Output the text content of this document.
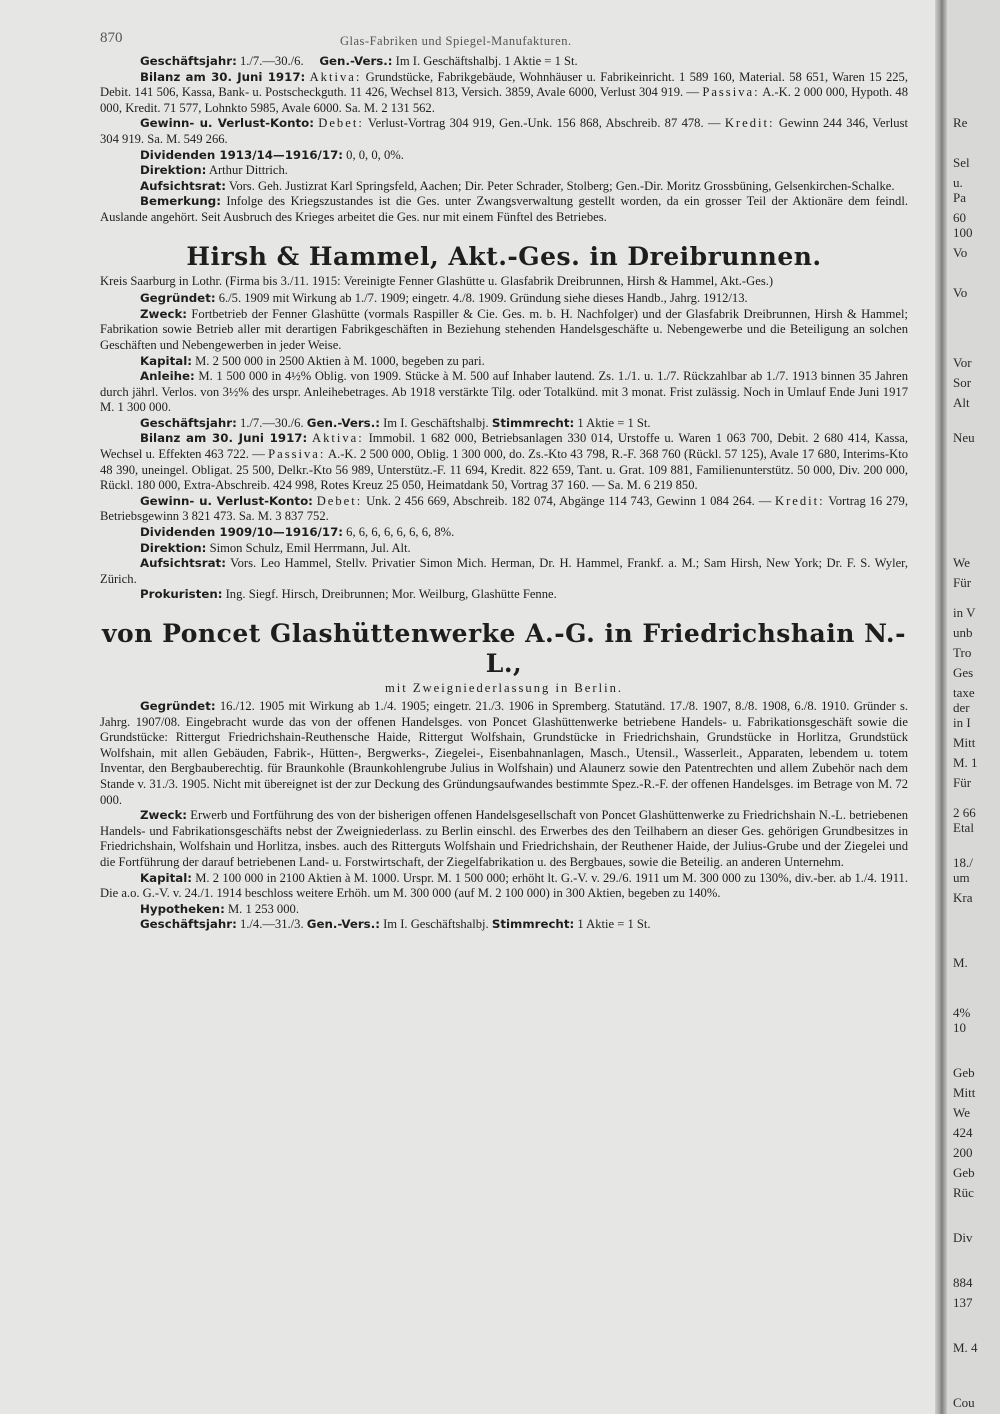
870	Glas-Fabriken und Spiegel-Manufakturen.

Geschäftsjahr: 1./7.—30./6. Gen.-Vers.: Im I. Geschäftshalbj. 1 Aktie = 1 St.

Bilanz am 30. Juni 1917: Aktiva: Grundstücke, Fabrikgebäude, Wohnhäuser u. Fabrikeinricht. 1 589 160, Material. 58 651, Waren 15 225, Debit. 141 506, Kassa, Bank- u. Postscheckguth. 11 426, Wechsel 813, Versich. 3859, Avale 6000, Verlust 304 919. — Passiva: A.-K. 2 000 000, Hypoth. 48 000, Kredit. 71 577, Lohnkto 5985, Avale 6000. Sa. M. 2 131 562.

Gewinn- u. Verlust-Konto: Debet: Verlust-Vortrag 304 919, Gen.-Unk. 156 868, Abschreib. 87 478. — Kredit: Gewinn 244 346, Verlust 304 919. Sa. M. 549 266.

Dividenden 1913/14—1916/17: 0, 0, 0, 0%.

Direktion: Arthur Dittrich.

Aufsichtsrat: Vors. Geh. Justizrat Karl Springsfeld, Aachen; Dir. Peter Schrader, Stolberg; Gen.-Dir. Moritz Grossbüning, Gelsenkirchen-Schalke.

Bemerkung: Infolge des Kriegszustandes ist die Ges. unter Zwangsverwaltung gestellt worden, da ein grosser Teil der Aktionäre dem feindl. Auslande angehört. Seit Ausbruch des Krieges arbeitet die Ges. nur mit einem Fünftel des Betriebes.

Hirsh & Hammel, Akt.-Ges. in Dreibrunnen.

Kreis Saarburg in Lothr. (Firma bis 3./11. 1915: Vereinigte Fenner Glashütte u. Glasfabrik Dreibrunnen, Hirsh & Hammel, Akt.-Ges.)

Gegründet: 6./5. 1909 mit Wirkung ab 1./7. 1909; eingetr. 4./8. 1909. Gründung siehe dieses Handb., Jahrg. 1912/13.

Zweck: Fortbetrieb der Fenner Glashütte (vormals Raspiller & Cie. Ges. m. b. H. Nachfolger) und der Glasfabrik Dreibrunnen, Hirsh & Hammel; Fabrikation sowie Betrieb aller mit derartigen Fabrikgeschäften in Beziehung stehenden Handelsgeschäfte u. Nebengewerbe und die Beteiligung an solchen Geschäften und Nebengewerben in jeder Weise.

Kapital: M. 2 500 000 in 2500 Aktien à M. 1000, begeben zu pari.

Anleihe: M. 1 500 000 in 4½% Oblig. von 1909. Stücke à M. 500 auf Inhaber lautend. Zs. 1./1. u. 1./7. Rückzahlbar ab 1./7. 1913 binnen 35 Jahren durch jährl. Verlos. von 3½% des urspr. Anleihebetrages. Ab 1918 verstärkte Tilg. oder Totalkünd. mit 3 monat. Frist zulässig. Noch in Umlauf Ende Juni 1917 M. 1 300 000.

Geschäftsjahr: 1./7.—30./6. Gen.-Vers.: Im I. Geschäftshalbj. Stimmrecht: 1 Aktie = 1 St.

Bilanz am 30. Juni 1917: Aktiva: Immobil. 1 682 000, Betriebsanlagen 330 014, Urstoffe u. Waren 1 063 700, Debit. 2 680 414, Kassa, Wechsel u. Effekten 463 722. — Passiva: A.-K. 2 500 000, Oblig. 1 300 000, do. Zs.-Kto 43 798, R.-F. 368 760 (Rückl. 57 125), Avale 17 680, Interims-Kto 48 390, uneingel. Obligat. 25 500, Delkr.-Kto 56 989, Unterstütz.-F. 11 694, Kredit. 822 659, Tant. u. Grat. 109 881, Familienunterstütz. 50 000, Div. 200 000, Rückl. 180 000, Extra-Abschreib. 424 998, Rotes Kreuz 25 050, Heimatdank 50, Vortrag 37 160. — Sa. M. 6 219 850.

Gewinn- u. Verlust-Konto: Debet: Unk. 2 456 669, Abschreib. 182 074, Abgänge 114 743, Gewinn 1 084 264. — Kredit: Vortrag 16 279, Betriebsgewinn 3 821 473. Sa. M. 3 837 752.

Dividenden 1909/10—1916/17: 6, 6, 6, 6, 6, 6, 6, 8%.

Direktion: Simon Schulz, Emil Herrmann, Jul. Alt.

Aufsichtsrat: Vors. Leo Hammel, Stellv. Privatier Simon Mich. Herman, Dr. H. Hammel, Frankf. a. M.; Sam Hirsh, New York; Dr. F. S. Wyler, Zürich.

Prokuristen: Ing. Siegf. Hirsch, Dreibrunnen; Mor. Weilburg, Glashütte Fenne.

von Poncet Glashüttenwerke A.-G. in Friedrichshain N.-L.,

mit Zweigniederlassung in Berlin.

Gegründet: 16./12. 1905 mit Wirkung ab 1./4. 1905; eingetr. 21./3. 1906 in Spremberg. Statutänd. 17./8. 1907, 8./8. 1908, 6./8. 1910. Gründer s. Jahrg. 1907/08. Eingebracht wurde das von der offenen Handelsges. von Poncet Glashüttenwerke betriebene Handels- u. Fabrikationsgeschäft sowie die Grundstücke: Rittergut Friedrichshain-Reuthensche Haide, Rittergut Wolfshain, Grundstücke in Friedrichshain, Grundstücke in Horlitza, Grundstück Wolfshain, mit allen Gebäuden, Fabrik-, Hütten-, Bergwerks-, Ziegelei-, Eisenbahnanlagen, Masch., Utensil., Wasserleit., Apparaten, lebendem u. totem Inventar, den Bergbauberechtig. für Braunkohle (Braunkohlengrube Julius in Wolfshain) und Alaunerz sowie den Patentrechten und allem Zubehör nach dem Stande v. 31./3. 1905. Nicht mit übereignet ist der zur Deckung des Gründungsaufwandes bestimmte Spez.-R.-F. der offenen Handelsges. im Betrage von M. 72 000.

Zweck: Erwerb und Fortführung des von der bisherigen offenen Handelsgesellschaft von Poncet Glashüttenwerke zu Friedrichshain N.-L. betriebenen Handels- und Fabrikationsgeschäfts nebst der Zweigniederlass. zu Berlin einschl. des Erwerbes des den Teilhabern an dieser Ges. gehörigen Grundbesitzes in Friedrichshain, Wolfshain und Horlitza, insbes. auch des Ritterguts Wolfshain und Friedrichshain, der Reuthener Haide, der Julius-Grube und der Ziegelei und die Fortführung der darauf betriebenen Land- u. Forstwirtschaft, der Ziegelfabrikation u. des Bergbaues, sowie die Beteilig. an anderen Unternehm.

Kapital: M. 2 100 000 in 2100 Aktien à M. 1000. Urspr. M. 1 500 000; erhöht lt. G.-V. v. 29./6. 1911 um M. 300 000 zu 130%, div.-ber. ab 1./4. 1911. Die a.o. G.-V. v. 24./1. 1914 beschloss weitere Erhöh. um M. 300 000 (auf M. 2 100 000) in 300 Aktien, begeben zu 140%.

Hypotheken: M. 1 253 000.

Geschäftsjahr: 1./4.—31./3. Gen.-Vers.: Im I. Geschäftshalbj. Stimmrecht: 1 Aktie = 1 St.

Re
Sel
u.
Pa
60
100
Vo
Vo
Vor
Sor
Alt
Neu
We
Für
in V
unb
Tro
Ges
taxe
der
in I
Mitt
M. 1
Für
2 66
Etal
18./
um
Kra
M.
4%
10
Geb
Mitt
We
424
200
Geb
Rüc
Div
884
137
M. 4
Cou
